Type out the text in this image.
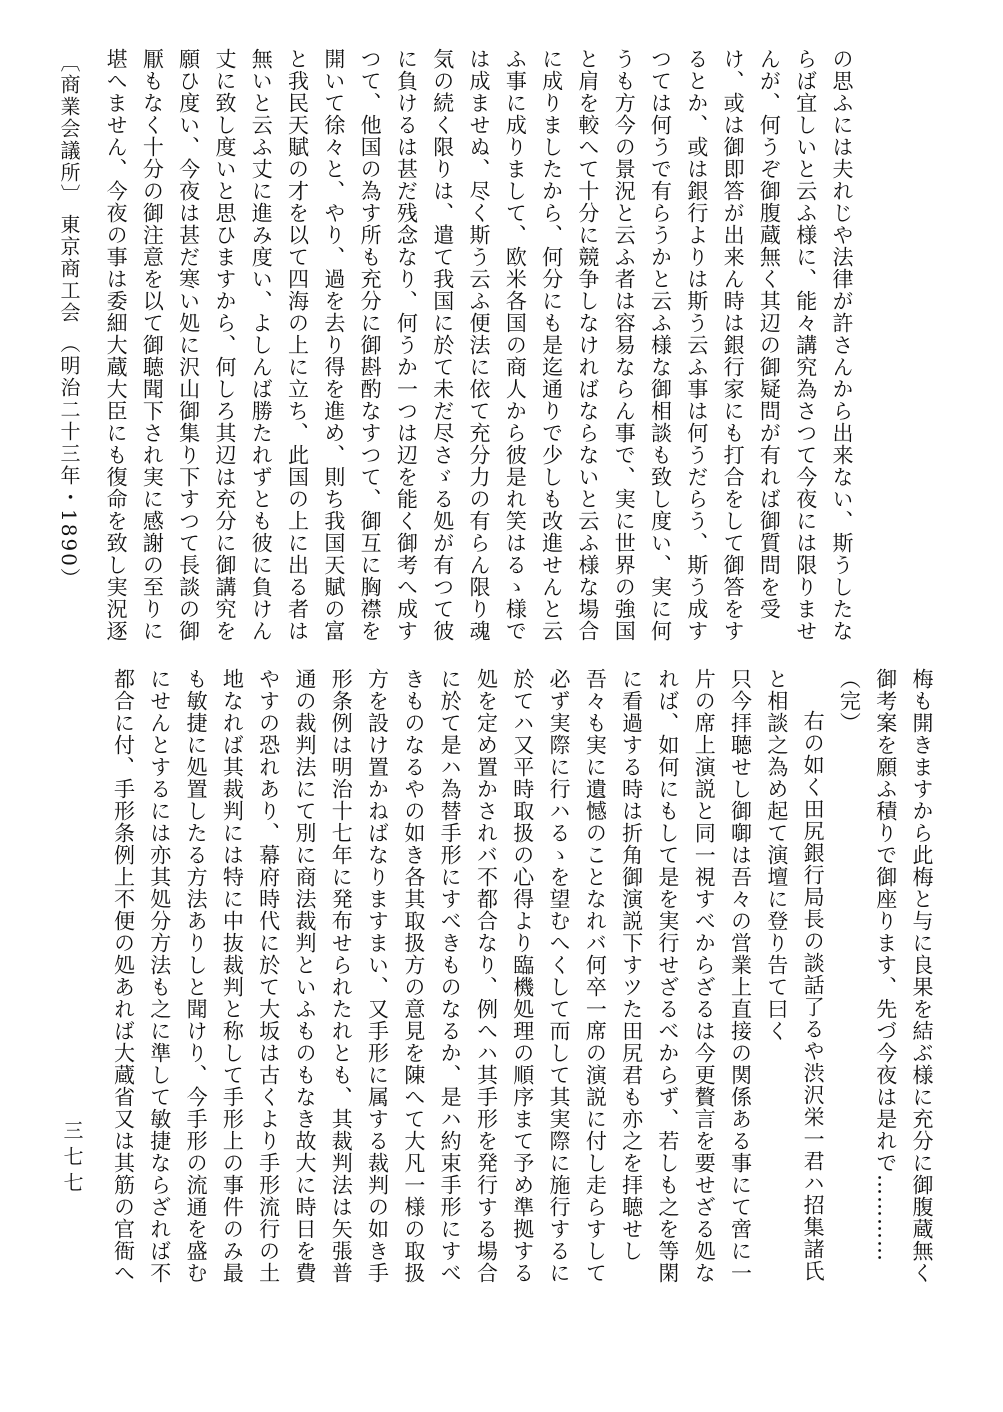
の思ふには夫れじや法律が許さんから出来ない、斯うしたならば宜しいと云ふ様に、能々講究為さつて今夜には限りませんが、何うぞ御腹蔵無く其辺の御疑問が有れば御質問を受け、或は御即答が出来ん時は銀行家にも打合をして御答をするとか、或は銀行よりは斯う云ふ事は何うだらう、斯う成すつては何うで有らうかと云ふ様な御相談も致し度い、実に何うも方今の景況と云ふ者は容易ならん事で、実に世界の強国と肩を較へて十分に競争しなければならないと云ふ様な場合に成りましたから、何分にも是迄通りで少しも改進せんと云ふ事に成りまして、欧米各国の商人から彼是れ笑はるゝ様では成ませぬ、尽く斯う云ふ便法に依て充分力の有らん限り魂気の続く限りは、遣て我国に於て未だ尽さゞる処が有つて彼に負けるは甚だ残念なり、何うか一つは辺を能く御考へ成すつて、他国の為す所も充分に御斟酌なすつて、御互に胸襟を開いて徐々と、やり、過を去り得を進め、則ち我国天賦の富と我民天賦の才を以て四海の上に立ち、此国の上に出る者は無いと云ふ丈に進み度い、よしんば勝たれずとも彼に負けん丈に致し度いと思ひますから、何しろ其辺は充分に御講究を願ひ度い、今夜は甚だ寒い処に沢山御集り下すつて長談の御厭もなく十分の御注意を以て御聴聞下され実に感謝の至りに堪へません、今夜の事は委細大蔵大臣にも復命を致し実況逐

梅も開きますから此梅と与に良果を結ぶ様に充分に御腹蔵無く御考案を願ふ積りで御座ります、先づ今夜は是れで…………（完）

右の如く田尻銀行局長の談話了るや渋沢栄一君ハ招集諸氏と相談之為め起て演壇に登り告て曰く

只今拝聴せし御啣は吾々の営業上直接の関係ある事にて啻に一片の席上演説と同一視すべからざるは今更贅言を要せざる処なれば、如何にもして是を実行せざるべからず、若しも之を等閑に看過する時は折角御演説下すツた田尻君も亦之を拝聴せし吾々も実に遺憾のことなれバ何卒一席の演説に付し走らすして必ず実際に行ハるゝを望むへくして而して其実際に施行するに於てハ又平時取扱の心得より臨機処理の順序まて予め準拠する処を定め置かされバ不都合なり、例へハ其手形を発行する場合に於て是ハ為替手形にすべきものなるか、是ハ約束手形にすべきものなるやの如き各其取扱方の意見を陳へて大凡一様の取扱方を設け置かねばなりますまい、又手形に属する裁判の如き手形条例は明治十七年に発布せられたれとも、其裁判法は矢張普通の裁判法にて別に商法裁判といふものもなき故大に時日を費やすの恐れあり、幕府時代に於て大坂は古くより手形流行の土地なれば其裁判には特に中抜裁判と称して手形上の事件のみ最も敏捷に処置したる方法ありしと聞けり、今手形の流通を盛むにせんとするには亦其処分方法も之に準して敏捷ならざれば不都合に付、手形条例上不便の処あれば大蔵省又は其筋の官衙へ

〔商業会議所〕 東京商工会 （明治二十三年・1890）
三七七
